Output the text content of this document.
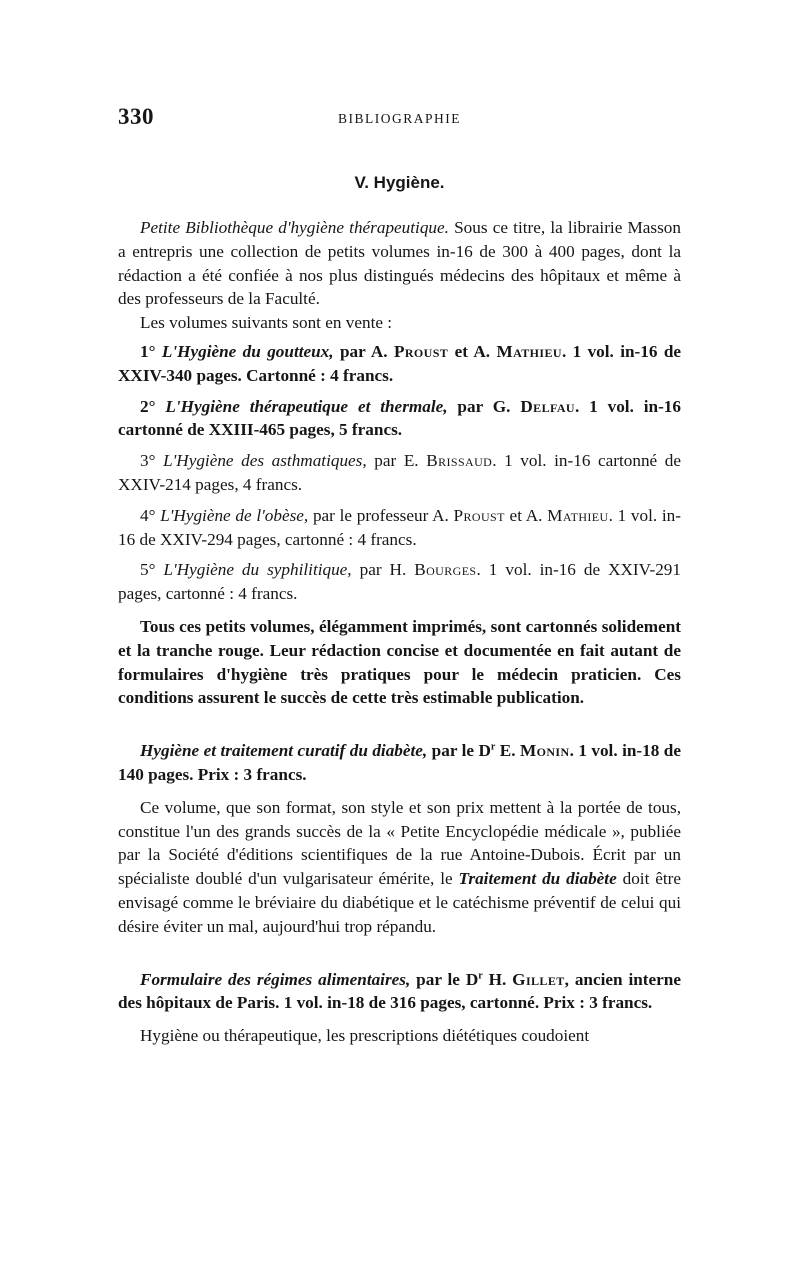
330	BIBLIOGRAPHIE
V. Hygiène.

Petite Bibliothèque d'hygiène thérapeutique. Sous ce titre, la librairie Masson a entrepris une collection de petits volumes in-16 de 300 à 400 pages, dont la rédaction a été confiée à nos plus distingués médecins des hôpitaux et même à des professeurs de la Faculté.

Les volumes suivants sont en vente :

1° L'Hygiène du goutteux, par A. Proust et A. Mathieu. 1 vol. in-16 de XXIV-340 pages. Cartonné : 4 francs.

2° L'Hygiène thérapeutique et thermale, par G. Delfau. 1 vol. in-16 cartonné de XXIII-465 pages, 5 francs.

3° L'Hygiène des asthmatiques, par E. Brissaud. 1 vol. in-16 cartonné de XXIV-214 pages, 4 francs.

4° L'Hygiène de l'obèse, par le professeur A. Proust et A. Mathieu. 1 vol. in-16 de XXIV-294 pages, cartonné : 4 francs.

5° L'Hygiène du syphilitique, par H. Bourges. 1 vol. in-16 de XXIV-291 pages, cartonné : 4 francs.

Tous ces petits volumes, élégamment imprimés, sont cartonnés solidement et la tranche rouge. Leur rédaction concise et documentée en fait autant de formulaires d'hygiène très pratiques pour le médecin praticien. Ces conditions assurent le succès de cette très estimable publication.

Hygiène et traitement curatif du diabète, par le $D^r$ E. Monin. 1 vol. in-18 de 140 pages. Prix : 3 francs.

Ce volume, que son format, son style et son prix mettent à la portée de tous, constitue l'un des grands succès de la « Petite Encyclopédie médicale », publiée par la Société d'éditions scientifiques de la rue Antoine-Dubois. Écrit par un spécialiste doublé d'un vulgarisateur émérite, le Traitement du diabète doit être envisagé comme le bréviaire du diabétique et le catéchisme préventif de celui qui désire éviter un mal, aujourd'hui trop répandu.

Formulaire des régimes alimentaires, par le $D^r$ H. Gillet, ancien interne des hôpitaux de Paris. 1 vol. in-18 de 316 pages, cartonné. Prix : 3 francs.

Hygiène ou thérapeutique, les prescriptions diététiques coudoient
